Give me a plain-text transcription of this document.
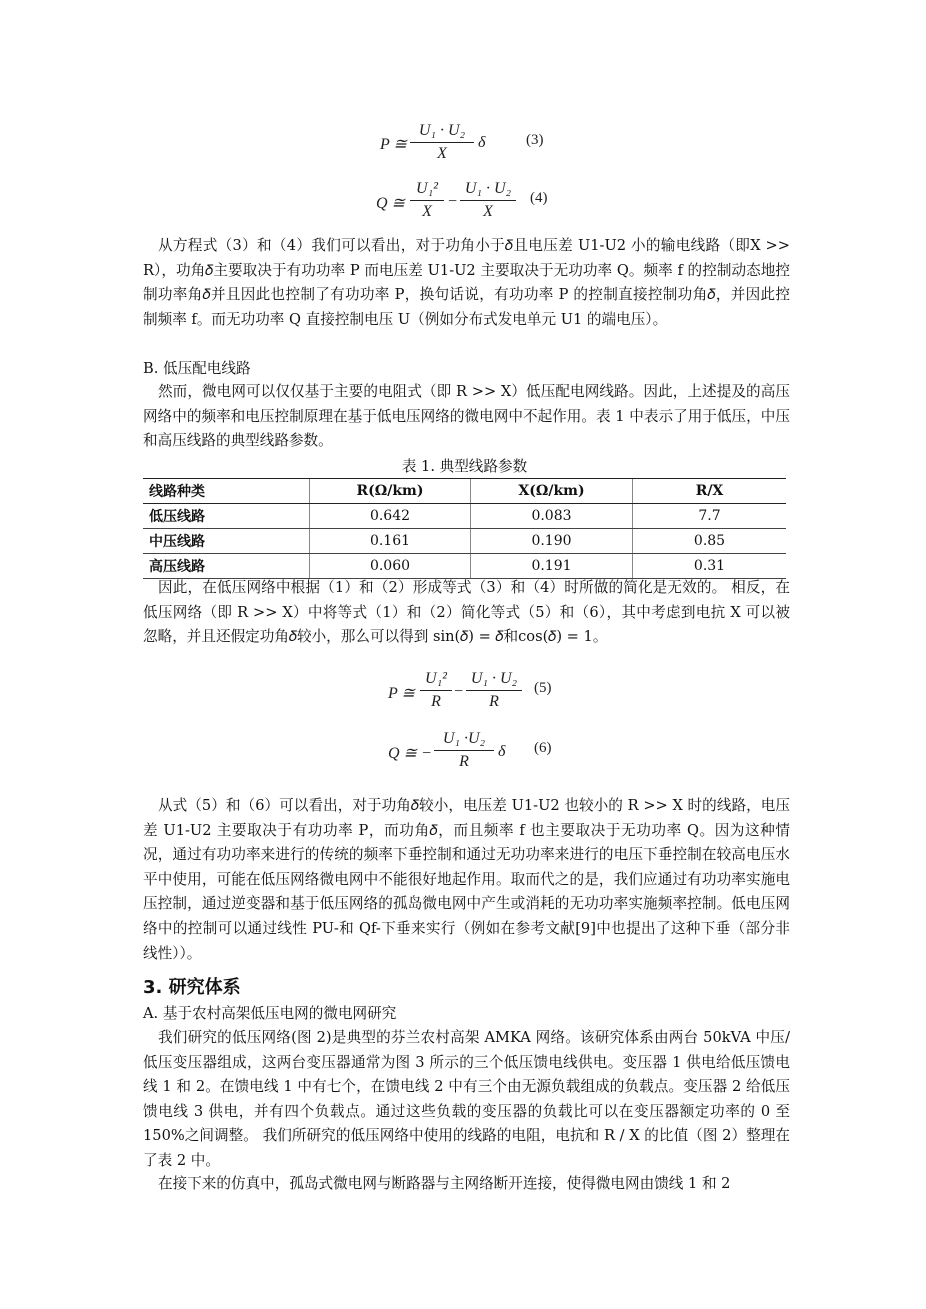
P ≅
U₁ · U₂
X
δ	(3)
Q ≅
U₁²
X
−
U₁ · U₂
X
(4)

从方程式（3）和（4）我们可以看出，对于功角小于𝛿且电压差 U1-U2 小的输电线路（即X >> R），功角𝛿主要取决于有功功率 P 而电压差 U1-U2 主要取决于无功功率 Q。频率 f 的控制动态地控制功率角𝛿并且因此也控制了有功功率 P，换句话说，有功功率 P 的控制直接控制功角𝛿，并因此控制频率 f。而无功功率 Q 直接控制电压 U（例如分布式发电单元 U1 的端电压）。

B. 低压配电线路

然而，微电网可以仅仅基于主要的电阻式（即 R >> X）低压配电网线路。因此，上述提及的高压网络中的频率和电压控制原理在基于低电压网络的微电网中不起作用。表 1 中表示了用于低压，中压和高压线路的典型线路参数。

表 1. 典型线路参数
线路种类	R(Ω/km)	X(Ω/km)	R/X
低压线路	0.642	0.083	7.7
中压线路	0.161	0.190	0.85
高压线路	0.060	0.191	0.31

因此，在低压网络中根据（1）和（2）形成等式（3）和（4）时所做的简化是无效的。 相反，在低压网络（即 R >> X）中将等式（1）和（2）简化等式（5）和（6），其中考虑到电抗 X 可以被忽略，并且还假定功角𝛿较小，那么可以得到 sin(𝛿) = 𝛿和cos(𝛿) = 1。

P ≅
U₁²
R
−
U₁ · U₂
R
(5)
Q ≅ −
U₁ ·U₂
R
δ (6)

从式（5）和（6）可以看出，对于功角𝛿较小，电压差 U1-U2 也较小的 R >> X 时的线路，电压差 U1-U2 主要取决于有功功率 P，而功角𝛿，而且频率 f 也主要取决于无功功率 Q。因为这种情况，通过有功功率来进行的传统的频率下垂控制和通过无功功率来进行的电压下垂控制在较高电压水平中使用，可能在低压网络微电网中不能很好地起作用。取而代之的是，我们应通过有功功率实施电压控制，通过逆变器和基于低压网络的孤岛微电网中产生或消耗的无功功率实施频率控制。低电压网络中的控制可以通过线性 PU-和 Qf-下垂来实行（例如在参考文献[9]中也提出了这种下垂（部分非线性））。

3. 研究体系
A. 基于农村高架低压电网的微电网研究

我们研究的低压网络(图 2)是典型的芬兰农村高架 AMKA 网络。该研究体系由两台 50kVA 中压/低压变压器组成，这两台变压器通常为图 3 所示的三个低压馈电线供电。变压器 1 供电给低压馈电线 1 和 2。在馈电线 1 中有七个，在馈电线 2 中有三个由无源负载组成的负载点。变压器 2 给低压馈电线 3 供电，并有四个负载点。通过这些负载的变压器的负载比可以在变压器额定功率的 0 至 150%之间调整。 我们所研究的低压网络中使用的线路的电阻，电抗和 R / X 的比值（图 2）整理在了表 2 中。

在接下来的仿真中，孤岛式微电网与断路器与主网络断开连接，使得微电网由馈线 1 和 2
